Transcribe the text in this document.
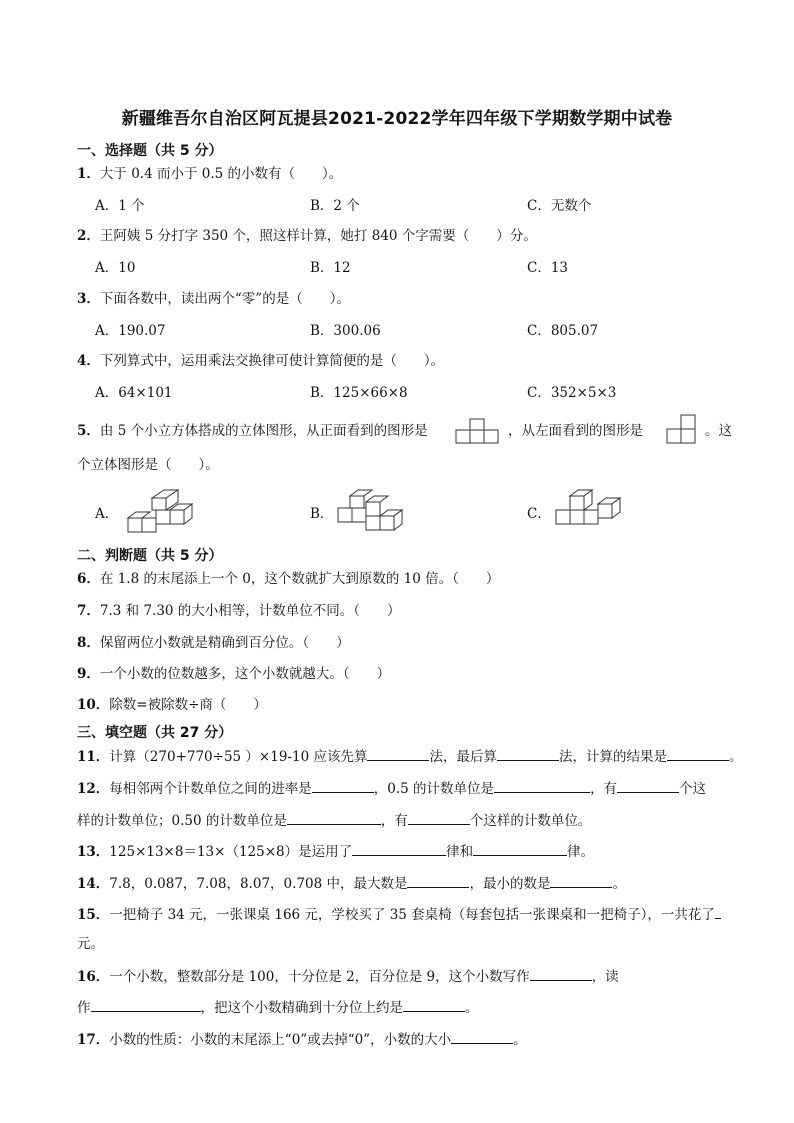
新疆维吾尔自治区阿瓦提县2021-2022学年四年级下学期数学期中试卷
一、选择题（共 5 分）
1．大于 0.4 而小于 0.5 的小数有（　　）。
A．1 个	B．2 个	C．无数个
2．王阿姨 5 分打字 350 个，照这样计算，她打 840 个字需要（　　）分。
A．10	B．12	C．13
3．下面各数中，读出两个“零”的是（　　）。
A．190.07	B．300.06	C．805.07
4．下列算式中，运用乘法交换律可使计算简便的是（　　）。
A．64×101	B．125×66×8	C．352×5×3
5．由 5 个小立方体搭成的立体图形，从正面看到的图形是	，从左面看到的图形是	。这
个立体图形是（　　）。
A．	B．	C．
二、判断题（共 5 分）
6．在 1.8 的末尾添上一个 0，这个数就扩大到原数的 10 倍。（　　）
7．7.3 和 7.30 的大小相等，计数单位不同。（　　）
8．保留两位小数就是精确到百分位。（　　）
9．一个小数的位数越多，这个小数就越大。（　　）
10．除数=被除数÷商（　　）
三、填空题（共 27 分）
11．计算（270+770÷55 ）×19-10 应该先算	法，最后算	法，计算的结果是	。
12．每相邻两个计数单位之间的进率是	，0.5 的计数单位是	，有	个这
样的计数单位；0.50 的计数单位是	，有	个这样的计数单位。
13．125×13×8＝13×（125×8）是运用了	律和	律。
14．7.8，0.087，7.08，8.07，0.708 中，最大数是	，最小的数是	。
15．一把椅子 34 元，一张课桌 166 元，学校买了 35 套桌椅（每套包括一张课桌和一把椅子），一共花了
元。
16．一个小数，整数部分是 100，十分位是 2，百分位是 9，这个小数写作	，读
作	，把这个小数精确到十分位上约是	。
17．小数的性质：小数的末尾添上“0”或去掉“0”，小数的大小	。
